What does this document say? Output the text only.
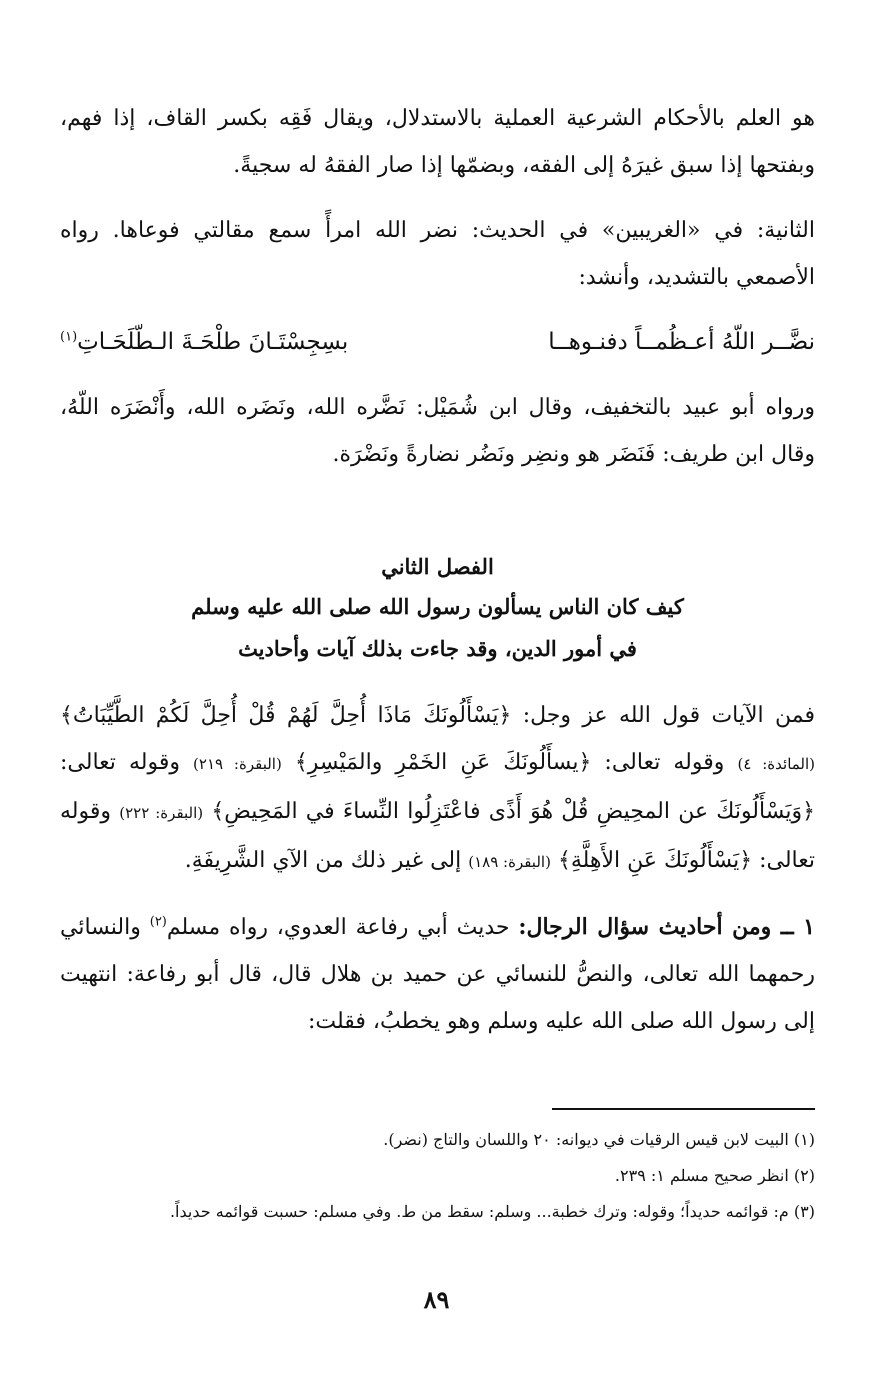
هو العلم بالأحكام الشرعية العملية بالاستدلال، ويقال فَقِه بكسر القاف، إذا فهم، وبفتحها إذا سبق غيرَهُ إلى الفقه، وبضمّها إذا صار الفقهُ له سجيةً.

الثانية: في «الغريبين» في الحديث: نضر الله امرأً سمع مقالتي فوعاها. رواه الأصمعي بالتشديد، وأنشد:

نضَّــر اللّهُ أعـظُمــاً دفنـوهــا
بسِجِسْتَـانَ طلْحَـةَ الـطّلَحَـاتِ$^{(١)}$

ورواه أبو عبيد بالتخفيف، وقال ابن شُمَيْل: نَضَّره الله، ونَضَره الله، وأَنْضَرَه اللّهُ، وقال ابن طريف: فَنَضَر هو ونضِر ونَضُر نضارةً ونَضْرَة.

الفصل الثاني

كيف كان الناس يسألون رسول الله صلى الله عليه وسلم

في أمور الدين، وقد جاءت بذلك آيات وأحاديث

فمن الآيات قول الله عز وجل: ﴿يَسْأَلُونَكَ مَاذَا أُحِلَّ لَهُمْ قُلْ أُحِلَّ لَكُمْ الطَّيِّبَاتُ﴾ (المائدة: ٤) وقوله تعالى: ﴿يسأَلُونَكَ عَنِ الخَمْرِ والمَيْسِرِ﴾ (البقرة: ٢١٩) وقوله تعالى: ﴿وَيَسْأَلُونَكَ عن المحِيضِ قُلْ هُوَ أَذًى فاعْتَزِلُوا النِّساءَ في المَحِيضِ﴾ (البقرة: ٢٢٢) وقوله تعالى: ﴿يَسْأَلُونَكَ عَنِ الأَهِلَّةِ﴾ (البقرة: ١٨٩) إلى غير ذلك من الآي الشَّرِيفَةِ.

١ ــ ومن أحاديث سؤال الرجال: حديث أبي رفاعة العدوي، رواه مسلم$^{(٢)}$ والنسائي رحمهما الله تعالى، والنصُّ للنسائي عن حميد بن هلال قال، قال أبو رفاعة: انتهيت إلى رسول الله صلى الله عليه وسلم وهو يخطبُ، فقلت:

(١) البيت لابن قيس الرقيات في ديوانه: ٢٠ واللسان والتاج (نضر).

(٢) انظر صحيح مسلم ١: ٢٣٩.

(٣) م: قوائمه حديداً؛ وقوله: وترك خطبة... وسلم: سقط من ط. وفي مسلم: حسبت قوائمه حديداً.

٨٩
